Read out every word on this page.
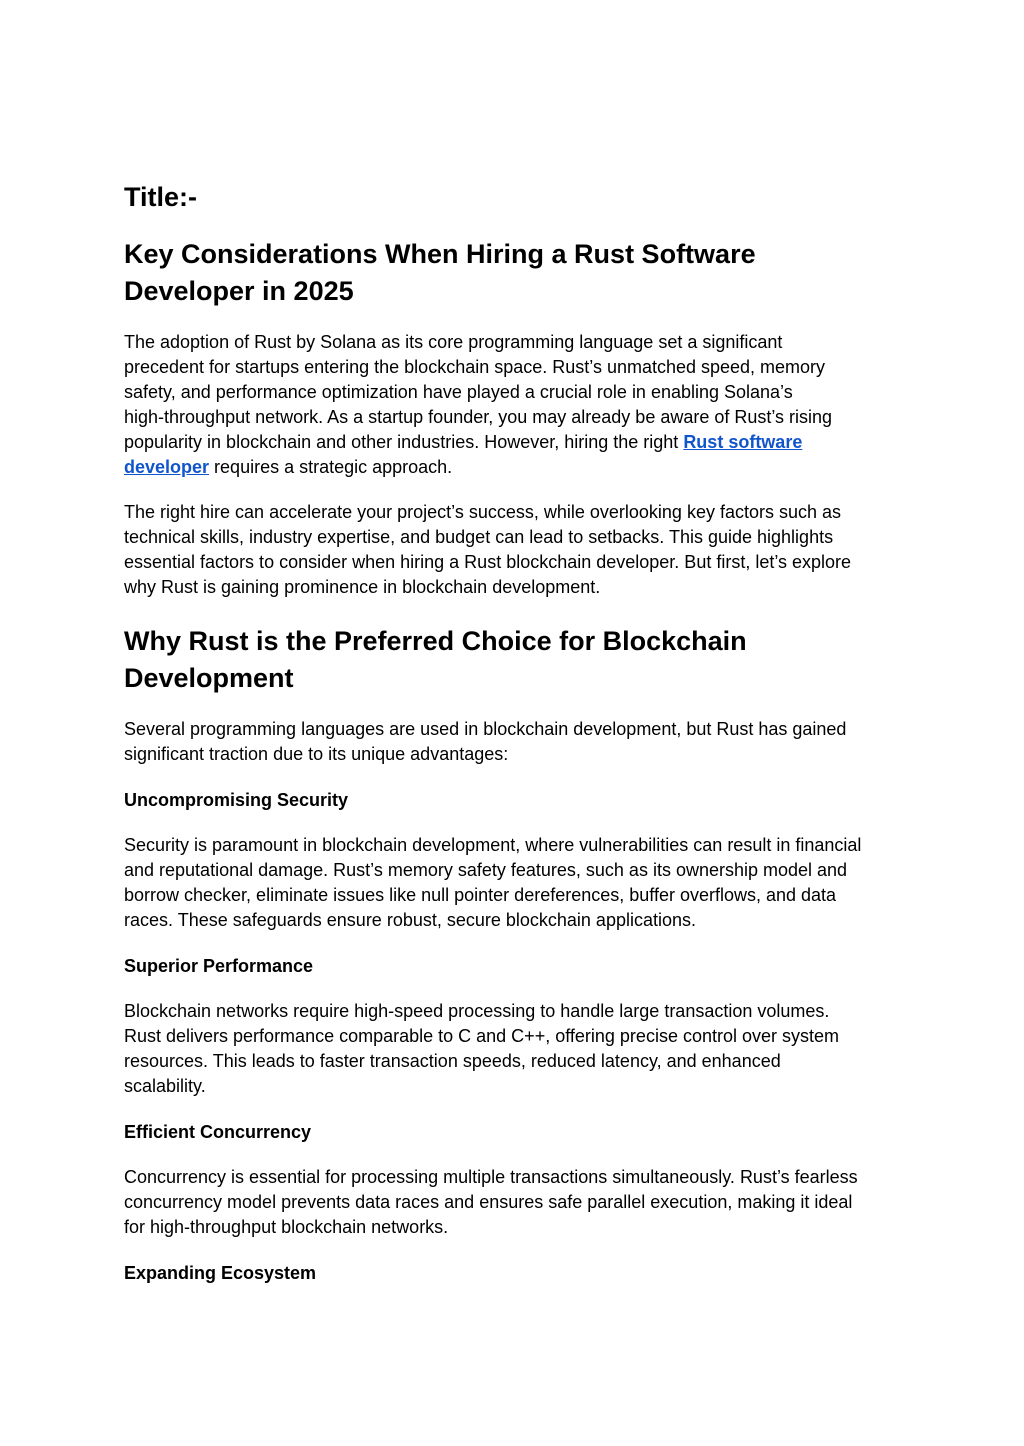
Title:-
Key Considerations When Hiring a Rust Software
Developer in 2025

The adoption of Rust by Solana as its core programming language set a significant
precedent for startups entering the blockchain space. Rust’s unmatched speed, memory
safety, and performance optimization have played a crucial role in enabling Solana’s
high-throughput network. As a startup founder, you may already be aware of Rust’s rising
popularity in blockchain and other industries. However, hiring the right Rust software
developer requires a strategic approach.

The right hire can accelerate your project’s success, while overlooking key factors such as
technical skills, industry expertise, and budget can lead to setbacks. This guide highlights
essential factors to consider when hiring a Rust blockchain developer. But first, let’s explore
why Rust is gaining prominence in blockchain development.

Why Rust is the Preferred Choice for Blockchain
Development

Several programming languages are used in blockchain development, but Rust has gained
significant traction due to its unique advantages:

Uncompromising Security

Security is paramount in blockchain development, where vulnerabilities can result in financial
and reputational damage. Rust’s memory safety features, such as its ownership model and
borrow checker, eliminate issues like null pointer dereferences, buffer overflows, and data
races. These safeguards ensure robust, secure blockchain applications.

Superior Performance

Blockchain networks require high-speed processing to handle large transaction volumes.
Rust delivers performance comparable to C and C++, offering precise control over system
resources. This leads to faster transaction speeds, reduced latency, and enhanced
scalability.

Efficient Concurrency

Concurrency is essential for processing multiple transactions simultaneously. Rust’s fearless
concurrency model prevents data races and ensures safe parallel execution, making it ideal
for high-throughput blockchain networks.

Expanding Ecosystem
